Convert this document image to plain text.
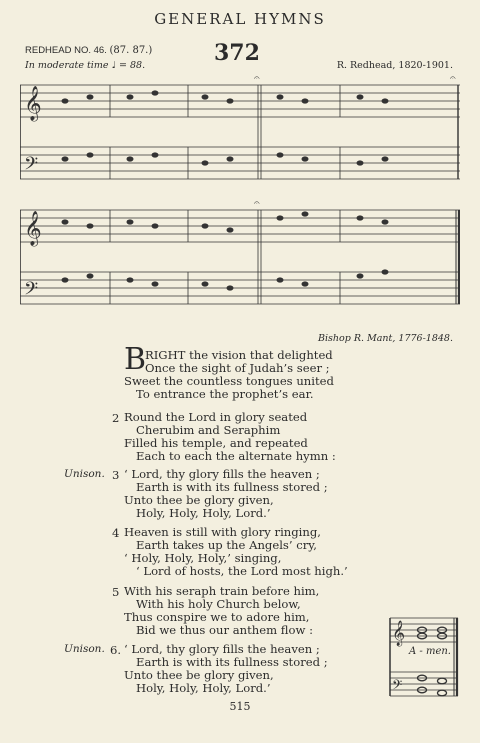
GENERAL HYMNS
REDHEAD NO. 46. (87. 87.)	372
In moderate time ♩ = 88.	R. Redhead, 1820-1901.
𝄞
𝄢
𝄐	𝄐
𝄞
𝄢
𝄐
Bishop R. Mant, 1776-1848.
B
RIGHT the vision that delighted
Once the sight of Judah’s seer ;
Sweet the countless tongues united
To entrance the prophet’s ear.
2 Round the Lord in glory seated
Cherubim and Seraphim
Filled his temple, and repeated
Each to each the alternate hymn :
Unison. 3 ‘ Lord, thy glory fills the heaven ;
Earth is with its fullness stored ;
Unto thee be glory given,
Holy, Holy, Holy, Lord.’
4 Heaven is still with glory ringing,
Earth takes up the Angels’ cry,
‘ Holy, Holy, Holy,’ singing,
‘ Lord of hosts, the Lord most high.’
5 With his seraph train before him,
With his holy Church below,
Thus conspire we to adore him,
Bid we thus our anthem flow :
Unison. 6. ‘ Lord, thy glory fills the heaven ;
Earth is with its fullness stored ;
Unto thee be glory given,
Holy, Holy, Holy, Lord.’
𝄞
𝄢
A - men.
515
